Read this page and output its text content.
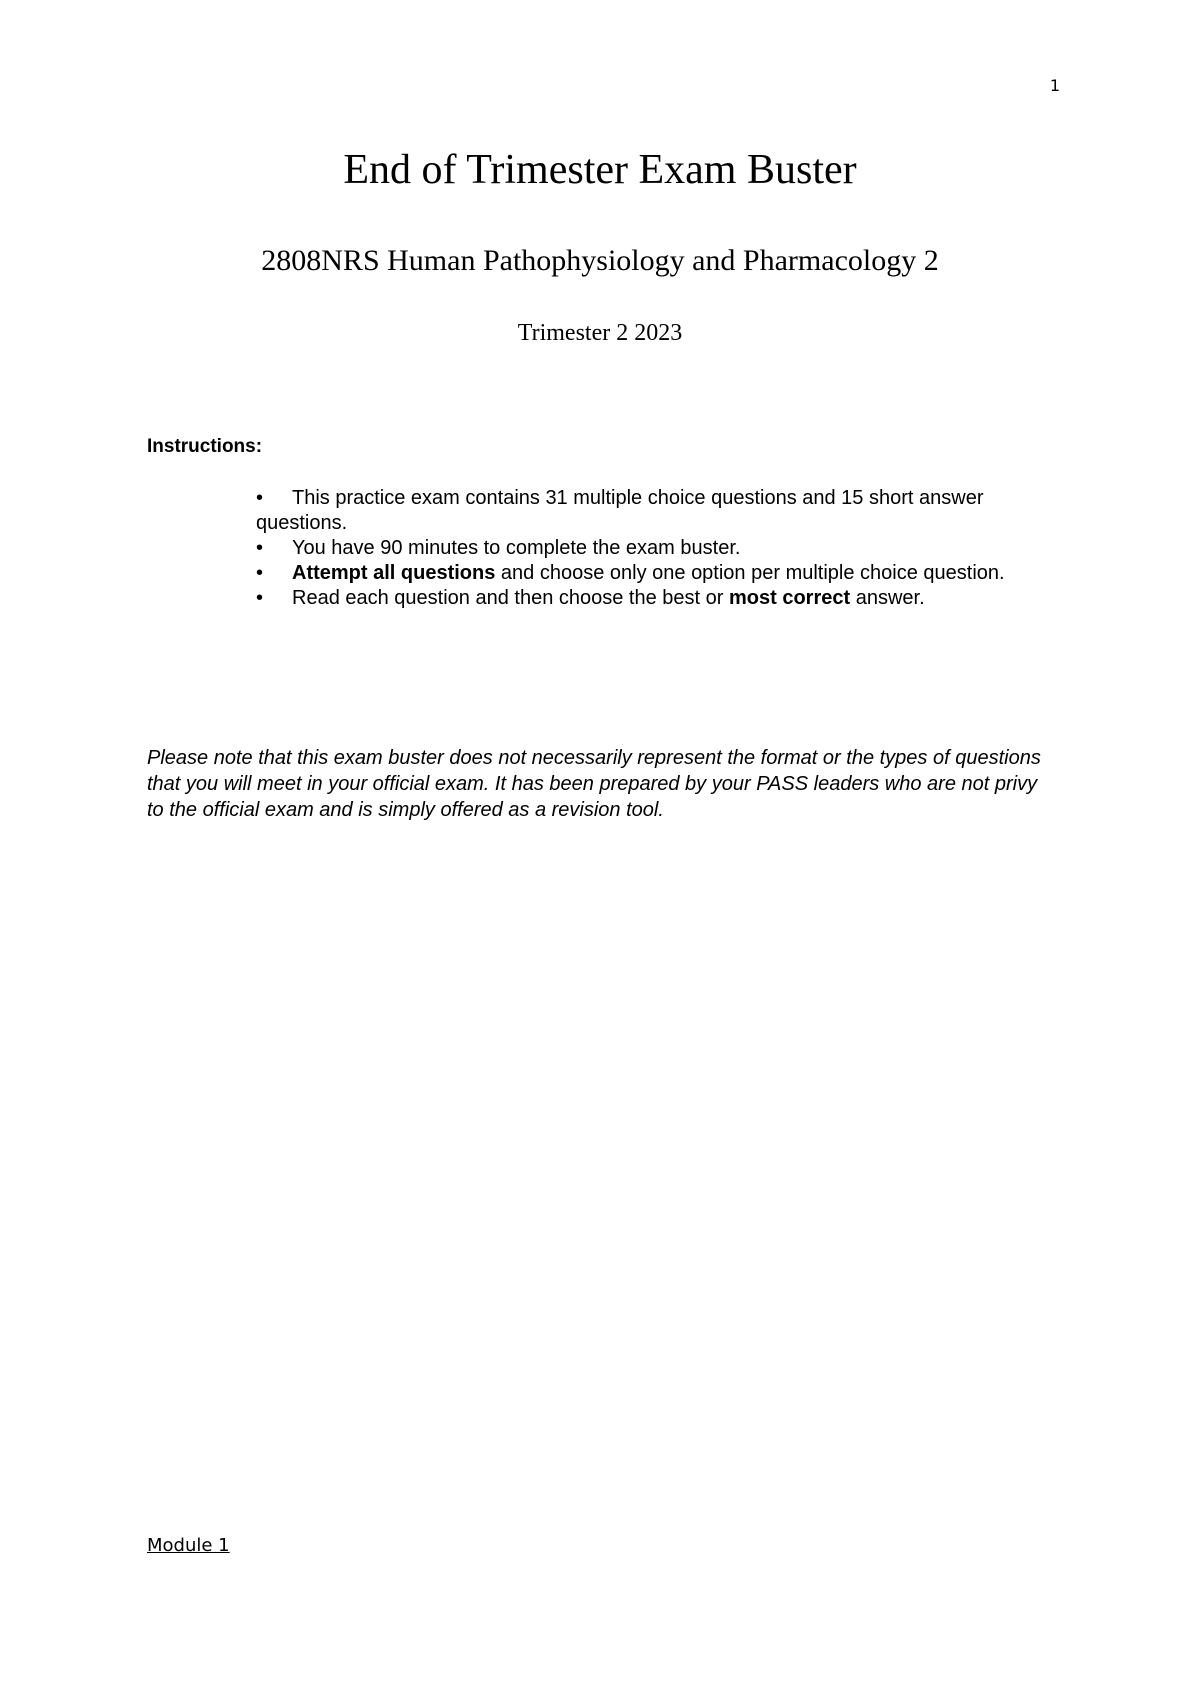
1
End of Trimester Exam Buster
2808NRS Human Pathophysiology and Pharmacology 2
Trimester 2 2023
Instructions:
•	This practice exam contains 31 multiple choice questions and 15 short answer questions.
•	You have 90 minutes to complete the exam buster.
•	Attempt all questions and choose only one option per multiple choice question.
•	Read each question and then choose the best or most correct answer.
Please note that this exam buster does not necessarily represent the format or the types of questions that you will meet in your official exam. It has been prepared by your PASS leaders who are not privy to the official exam and is simply offered as a revision tool.
Module 1
